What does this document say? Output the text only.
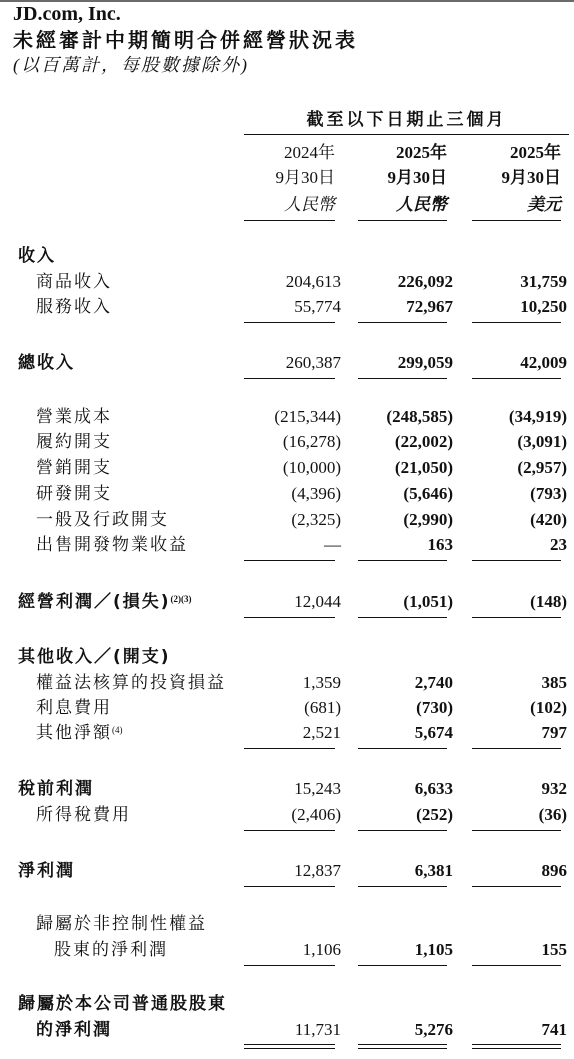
JD.com, Inc.
未經審計中期簡明合併經營狀況表
(以百萬計，每股數據除外)
截至以下日期止三個月
2024年	2025年	2025年
9月30日	9月30日	9月30日
人民幣	人民幣	美元
收入
商品收入	204,613	226,092	31,759
服務收入	55,774	72,967	10,250
總收入	260,387	299,059	42,009
營業成本	(215,344)	(248,585)	(34,919)
履約開支	(16,278)	(22,002)	(3,091)
營銷開支	(10,000)	(21,050)	(2,957)
研發開支	(4,396)	(5,646)	(793)
一般及行政開支	(2,325)	(2,990)	(420)
出售開發物業收益	—	163	23
經營利潤／(損失)$^{(2)(3)}$	12,044	(1,051)	(148)
其他收入／(開支)
權益法核算的投資損益	1,359	2,740	385
利息費用	(681)	(730)	(102)
其他淨額$^{(4)}$	2,521	5,674	797
稅前利潤	15,243	6,633	932
所得稅費用	(2,406)	(252)	(36)
淨利潤	12,837	6,381	896
歸屬於非控制性權益
股東的淨利潤	1,106	1,105	155
歸屬於本公司普通股股東
的淨利潤	11,731	5,276	741
